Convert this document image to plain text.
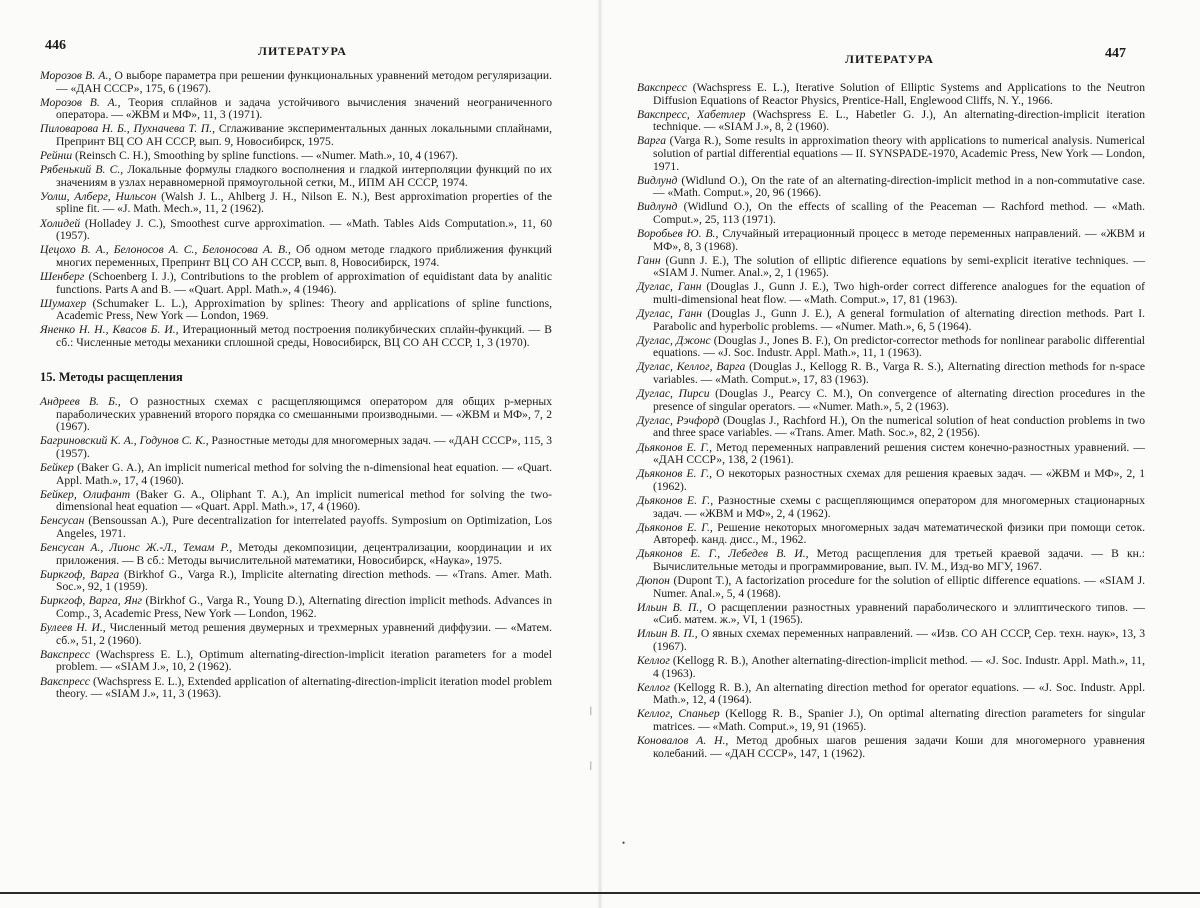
446	ЛИТЕРАТУРА
Морозов В. А., О выборе параметра при решении функциональных уравнений методом регуляризации. — «ДАН СССР», 175, 6 (1967).
Морозов В. А., Теория сплайнов и задача устойчивого вычисления значений неограниченного оператора. — «ЖВМ и МФ», 11, 3 (1971).
Пиловарова Н. Б., Пухначева Т. П., Сглаживание экспериментальных данных локальными сплайнами, Препринт ВЦ СО АН СССР, вып. 9, Новосибирск, 1975.
Рейнш (Reinsch C. H.), Smoothing by spline functions. — «Numer. Math.», 10, 4 (1967).
Рябенький В. С., Локальные формулы гладкого восполнения и гладкой интерполяции функций по их значениям в узлах неравномерной прямоугольной сетки, М., ИПМ АН СССР, 1974.
Уолш, Алберг, Нильсон (Walsh J. L., Ahlberg J. H., Nilson E. N.), Best approximation properties of the spline fit. — «J. Math. Mech.», 11, 2 (1962).
Холидей (Holladey J. C.), Smoothest curve approximation. — «Math. Tables Aids Computation.», 11, 60 (1957).
Цецохо В. А., Белоносов А. С., Белоносова А. В., Об одном методе гладкого приближения функций многих переменных, Препринт ВЦ СО АН СССР, вып. 8, Новосибирск, 1974.
Шенберг (Schoenberg I. J.), Contributions to the problem of approximation of equidistant data by analitic functions. Parts A and B. — «Quart. Appl. Math.», 4 (1946).
Шумахер (Schumaker L. L.), Approximation by splines: Theory and applications of spline functions, Academic Press, New York — London, 1969.
Яненко Н. Н., Квасов Б. И., Итерационный метод построения поликубических сплайн-функций. — В сб.: Численные методы механики сплошной среды, Новосибирск, ВЦ СО АН СССР, 1, 3 (1970).
15. Методы расщепления
Андреев В. Б., О разностных схемах с расщепляющимся оператором для общих p-мерных параболических уравнений второго порядка со смешанными производными. — «ЖВМ и МФ», 7, 2 (1967).
Багриновский К. А., Годунов С. К., Разностные методы для многомерных задач. — «ДАН СССР», 115, 3 (1957).
Бейкер (Baker G. A.), An implicit numerical method for solving the n-dimensional heat equation. — «Quart. Appl. Math.», 17, 4 (1960).
Бейкер, Олифант (Baker G. A., Oliphant T. A.), An implicit numerical method for solving the two-dimensional heat equation — «Quart. Appl. Math.», 17, 4 (1960).
Бенсусан (Bensoussan A.), Pure decentralization for interrelated payoffs. Symposium on Optimization, Los Angeles, 1971.
Бенсусан А., Лионс Ж.-Л., Темам Р., Методы декомпозиции, децентрализации, координации и их приложения. — В сб.: Методы вычислительной математики, Новосибирск, «Наука», 1975.
Биркгоф, Варга (Birkhof G., Varga R.), Implicite alternating direction methods. — «Trans. Amer. Math. Soc.», 92, 1 (1959).
Биркгоф, Варга, Янг (Birkhof G., Varga R., Young D.), Alternating direction implicit methods. Advances in Comp., 3, Academic Press, New York — London, 1962.
Булеев Н. И., Численный метод решения двумерных и трехмерных уравнений диффузии. — «Матем. сб.», 51, 2 (1960).
Вакспресс (Wachspress E. L.), Optimum alternating-direction-implicit iteration parameters for a model problem. — «SIAM J.», 10, 2 (1962).
Вакспресс (Wachspress E. L.), Extended application of alternating-direction-implicit iteration model problem theory. — «SIAM J.», 11, 3 (1963).
ЛИТЕРАТУРА	447
Вакспресс (Wachspress E. L.), Iterative Solution of Elliptic Systems and Applications to the Neutron Diffusion Equations of Reactor Physics, Prentice-Hall, Englewood Cliffs, N. Y., 1966.
Вакспресс, Хабетлер (Wachspress E. L., Habetler G. J.), An alternating-direction-implicit iteration technique. — «SIAM J.», 8, 2 (1960).
Варга (Varga R.), Some results in approximation theory with applications to numerical analysis. Numerical solution of partial differential equations — II. SYNSPADE-1970, Academic Press, New York — London, 1971.
Видлунд (Widlund O.), On the rate of an alternating-direction-implicit method in a non-commutative case. — «Math. Comput.», 20, 96 (1966).
Видлунд (Widlund O.), On the effects of scalling of the Peaceman — Rachford method. — «Math. Comput.», 25, 113 (1971).
Воробьев Ю. В., Случайный итерационный процесс в методе переменных направлений. — «ЖВМ и МФ», 8, 3 (1968).
Ганн (Gunn J. E.), The solution of elliptic difierence equations by semi-explicit iterative techniques. — «SIAM J. Numer. Anal.», 2, 1 (1965).
Дуглас, Ганн (Douglas J., Gunn J. E.), Two high-order correct difference analogues for the equation of multi-dimensional heat flow. — «Math. Comput.», 17, 81 (1963).
Дуглас, Ганн (Douglas J., Gunn J. E.), A general formulation of alternating direction methods. Part I. Parabolic and hyperbolic problems. — «Numer. Math.», 6, 5 (1964).
Дуглас, Джонс (Douglas J., Jones B. F.), On predictor-corrector methods for nonlinear parabolic differential equations. — «J. Soc. Industr. Appl. Math.», 11, 1 (1963).
Дуглас, Келлог, Варга (Douglas J., Kellogg R. B., Varga R. S.), Alternating direction methods for n-space variables. — «Math. Comput.», 17, 83 (1963).
Дуглас, Пирси (Douglas J., Pearcy C. M.), On convergence of alternating direction procedures in the presence of singular operators. — «Numer. Math.», 5, 2 (1963).
Дуглас, Рэчфорд (Douglas J., Rachford H.), On the numerical solution of heat conduction problems in two and three space variables. — «Trans. Amer. Math. Soc.», 82, 2 (1956).
Дьяконов Е. Г., Метод переменных направлений решения систем конечно-разностных уравнений. — «ДАН СССР», 138, 2 (1961).
Дьяконов Е. Г., О некоторых разностных схемах для решения краевых задач. — «ЖВМ и МФ», 2, 1 (1962).
Дьяконов Е. Г., Разностные схемы с расщепляющимся оператором для многомерных стационарных задач. — «ЖВМ и МФ», 2, 4 (1962).
Дьяконов Е. Г., Решение некоторых многомерных задач математической физики при помощи сеток. Автореф. канд. дисс., М., 1962.
Дьяконов Е. Г., Лебедев В. И., Метод расщепления для третьей краевой задачи. — В кн.: Вычислительные методы и программирование, вып. IV. М., Изд-во МГУ, 1967.
Дюпон (Dupont T.), A factorization procedure for the solution of elliptic difference equations. — «SIAM J. Numer. Anal.», 5, 4 (1968).
Ильин В. П., О расщеплении разностных уравнений параболического и эллиптического типов. — «Сиб. матем. ж.», VI, 1 (1965).
Ильин В. П., О явных схемах переменных направлений. — «Изв. СО АН СССР, Сер. техн. наук», 13, 3 (1967).
Келлог (Kellogg R. B.), Another alternating-direction-implicit method. — «J. Soc. Industr. Appl. Math.», 11, 4 (1963).
Келлог (Kellogg R. B.), An alternating direction method for operator equations. — «J. Soc. Industr. Appl. Math.», 12, 4 (1964).
Келлог, Спаньер (Kellogg R. B., Spanier J.), On optimal alternating direction parameters for singular matrices. — «Math. Comput.», 19, 91 (1965).
Коновалов А. Н., Метод дробных шагов решения задачи Коши для многомерного уравнения колебаний. — «ДАН СССР», 147, 1 (1962).
|
|
•
